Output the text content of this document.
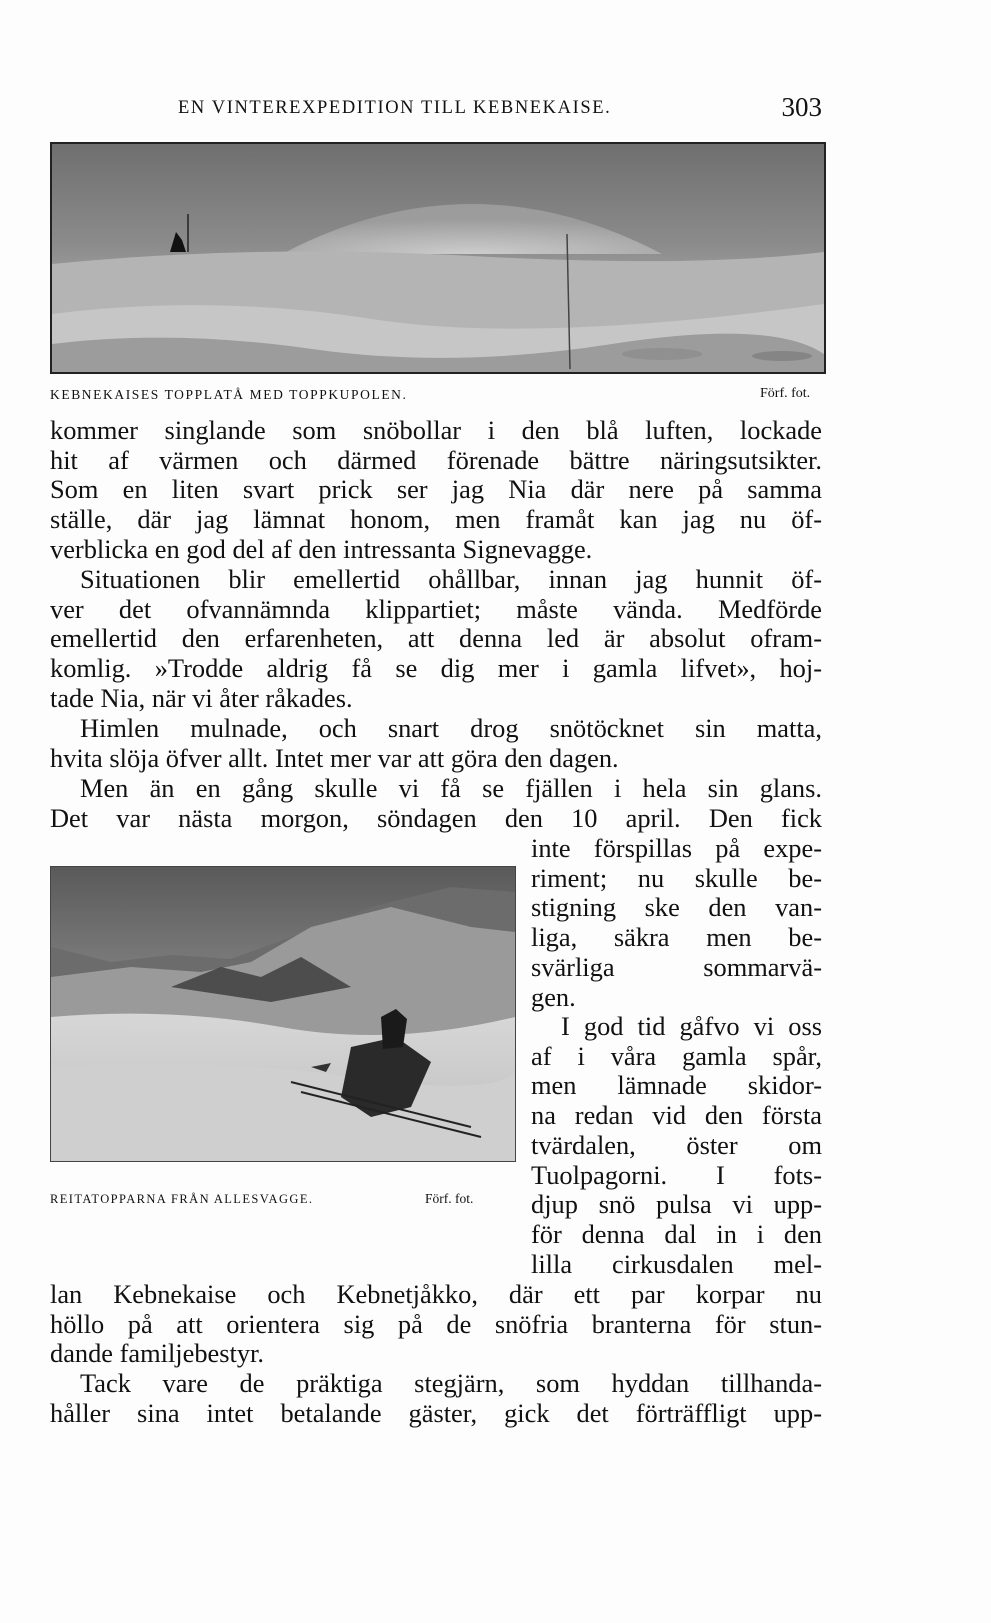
EN VINTEREXPEDITION TILL KEBNEKAISE.	303
KEBNEKAISES TOPPLATÅ MED TOPPKUPOLEN.	Förf. fot.

kommer singlande som snöbollar i den blå luften, lockade

hit af värmen och därmed förenade bättre näringsutsikter.

Som en liten svart prick ser jag Nia där nere på samma

ställe, där jag lämnat honom, men framåt kan jag nu öf-

verblicka en god del af den intressanta Signevagge.

Situationen blir emellertid ohållbar, innan jag hunnit öf-

ver det ofvannämnda klippartiet; måste vända. Medförde

emellertid den erfarenheten, att denna led är absolut ofram-

komlig. »Trodde aldrig få se dig mer i gamla lifvet», hoj-

tade Nia, när vi åter råkades.

Himlen mulnade, och snart drog snötöcknet sin matta,

hvita slöja öfver allt. Intet mer var att göra den dagen.

Men än en gång skulle vi få se fjällen i hela sin glans.

Det var nästa morgon, söndagen den 10 april. Den fick

REITATOPPARNA FRÅN ALLESVAGGE.	Förf. fot.

inte förspillas på expe-

riment; nu skulle be-

stigning ske den van-

liga, säkra men be-

svärliga sommarvä-

gen.

I god tid gåfvo vi oss

af i våra gamla spår,

men lämnade skidor-

na redan vid den första

tvärdalen, öster om

Tuolpagorni. I fots-

djup snö pulsa vi upp-

för denna dal in i den

lilla cirkusdalen mel-

lan Kebnekaise och Kebnetjåkko, där ett par korpar nu

höllo på att orientera sig på de snöfria branterna för stun-

dande familjebestyr.

Tack vare de präktiga stegjärn, som hyddan tillhanda-

håller sina intet betalande gäster, gick det förträffligt upp-
